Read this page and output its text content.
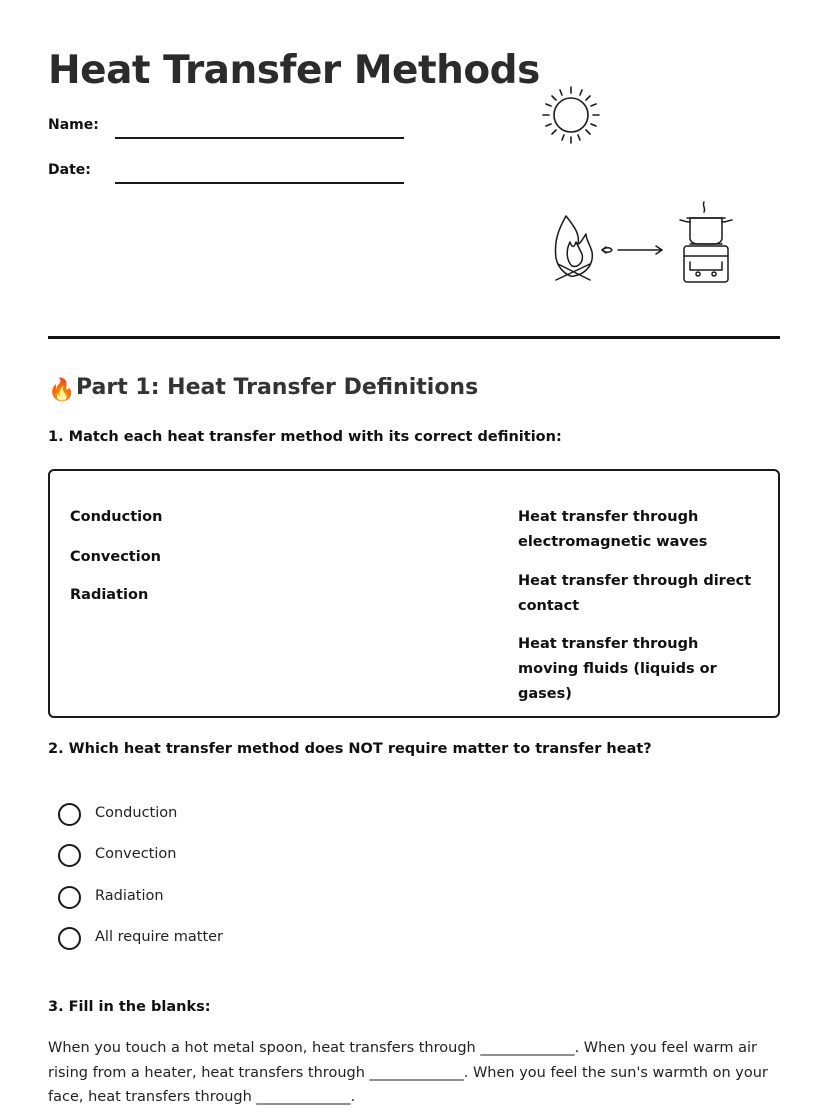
Heat Transfer Methods
Name:
Date:
🔥Part 1: Heat Transfer Definitions
1. Match each heat transfer method with its correct definition:
Conduction
Convection
Radiation
Heat transfer through electromagnetic waves
Heat transfer through direct contact
Heat transfer through moving fluids (liquids or gases)
2. Which heat transfer method does NOT require matter to transfer heat?
Conduction
Convection
Radiation
All require matter
3. Fill in the blanks:
When you touch a hot metal spoon, heat transfers through _____________. When you feel warm air rising from a heater, heat transfers through _____________. When you feel the sun's warmth on your face, heat transfers through _____________.
